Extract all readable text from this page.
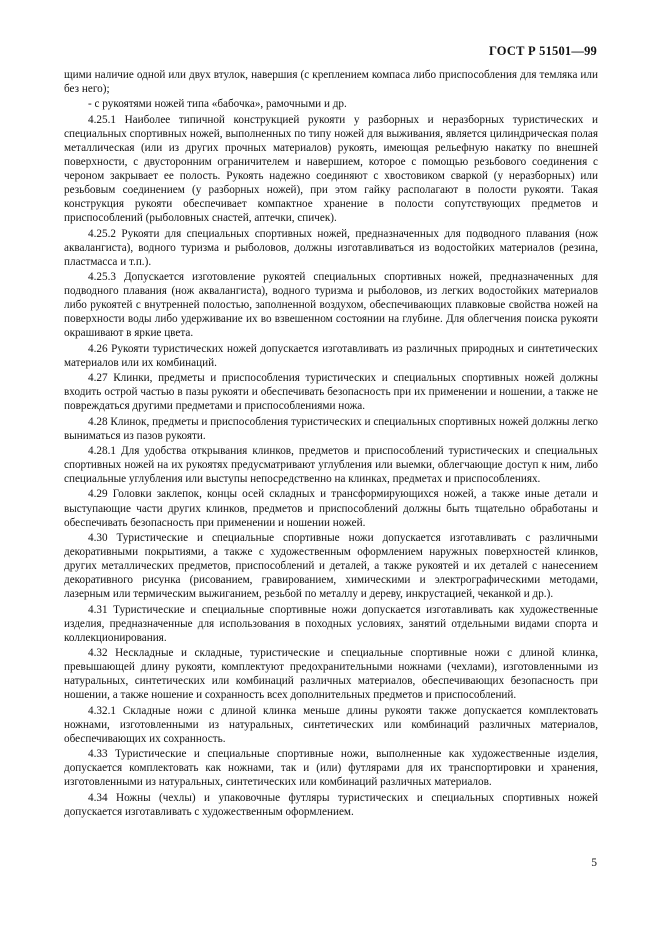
ГОСТ Р 51501—99

щими наличие одной или двух втулок, навершия (с креплением компаса либо приспособления для темляка или без него);

- с рукоятями ножей типа «бабочка», рамочными и др.

4.25.1 Наиболее типичной конструкцией рукояти у разборных и неразборных туристических и специальных спортивных ножей, выполненных по типу ножей для выживания, является цилиндрическая полая металлическая (или из других прочных материалов) рукоять, имеющая рельефную накатку по внешней поверхности, с двусторонним ограничителем и навершием, которое с помощью резьбового соединения с чероном закрывает ее полость. Рукоять надежно соединяют с хвостовиком сваркой (у неразборных) или резьбовым соединением (у разборных ножей), при этом гайку располагают в полости рукояти. Такая конструкция рукояти обеспечивает компактное хранение в полости сопутствующих предметов и приспособлений (рыболовных снастей, аптечки, спичек).

4.25.2 Рукояти для специальных спортивных ножей, предназначенных для подводного плавания (нож аквалангиста), водного туризма и рыболовов, должны изготавливаться из водостойких материалов (резина, пластмасса и т.п.).

4.25.3 Допускается изготовление рукоятей специальных спортивных ножей, предназначенных для подводного плавания (нож аквалангиста), водного туризма и рыболовов, из легких водостойких материалов либо рукоятей с внутренней полостью, заполненной воздухом, обеспечивающих плавковые свойства ножей на поверхности воды либо удерживание их во взвешенном состоянии на глубине. Для облегчения поиска рукояти окрашивают в яркие цвета.

4.26 Рукояти туристических ножей допускается изготавливать из различных природных и синтетических материалов или их комбинаций.

4.27 Клинки, предметы и приспособления туристических и специальных спортивных ножей должны входить острой частью в пазы рукояти и обеспечивать безопасность при их применении и ношении, а также не повреждаться другими предметами и приспособлениями ножа.

4.28 Клинок, предметы и приспособления туристических и специальных спортивных ножей должны легко выниматься из пазов рукояти.

4.28.1 Для удобства открывания клинков, предметов и приспособлений туристических и специальных спортивных ножей на их рукоятях предусматривают углубления или выемки, облегчающие доступ к ним, либо специальные углубления или выступы непосредственно на клинках, предметах и приспособлениях.

4.29 Головки заклепок, концы осей складных и трансформирующихся ножей, а также иные детали и выступающие части других клинков, предметов и приспособлений должны быть тщательно обработаны и обеспечивать безопасность при применении и ношении ножей.

4.30 Туристические и специальные спортивные ножи допускается изготавливать с различными декоративными покрытиями, а также с художественным оформлением наружных поверхностей клинков, других металлических предметов, приспособлений и деталей, а также рукоятей и их деталей с нанесением декоративного рисунка (рисованием, гравированием, химическими и электрографическими методами, лазерным или термическим выжиганием, резьбой по металлу и дереву, инкрустацией, чеканкой и др.).

4.31 Туристические и специальные спортивные ножи допускается изготавливать как художественные изделия, предназначенные для использования в походных условиях, занятий отдельными видами спорта и коллекционирования.

4.32 Нескладные и складные, туристические и специальные спортивные ножи с длиной клинка, превышающей длину рукояти, комплектуют предохранительными ножнами (чехлами), изготовленными из натуральных, синтетических или комбинаций различных материалов, обеспечивающих безопасность при ношении, а также ношение и сохранность всех дополнительных предметов и приспособлений.

4.32.1 Складные ножи с длиной клинка меньше длины рукояти также допускается комплектовать ножнами, изготовленными из натуральных, синтетических или комбинаций различных материалов, обеспечивающих их сохранность.

4.33 Туристические и специальные спортивные ножи, выполненные как художественные изделия, допускается комплектовать как ножнами, так и (или) футлярами для их транспортировки и хранения, изготовленными из натуральных, синтетических или комбинаций различных материалов.

4.34 Ножны (чехлы) и упаковочные футляры туристических и специальных спортивных ножей допускается изготавливать с художественным оформлением.

5
